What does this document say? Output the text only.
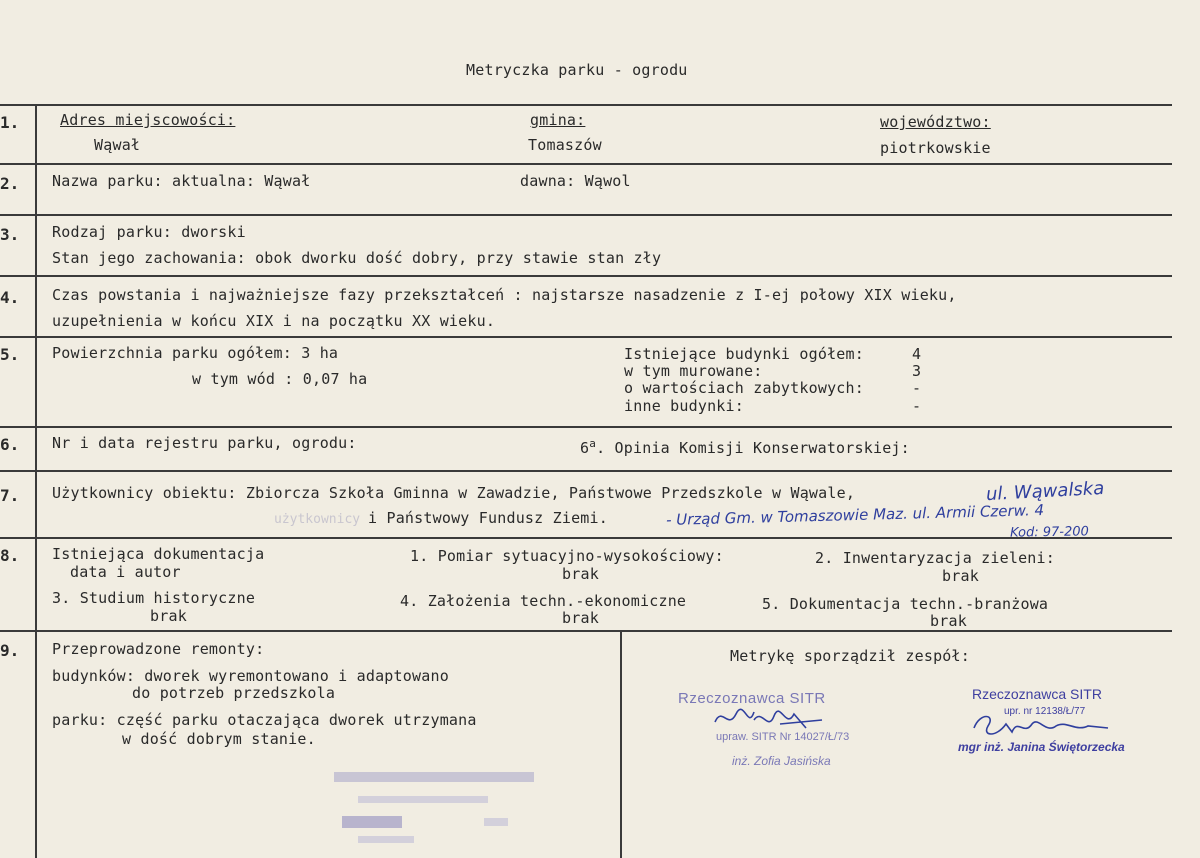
Metryczka parku - ogrodu
1.	Adres miejscowości:
Wąwał
gmina:
Tomaszów
województwo:
piotrkowskie
2. Nazwa parku: aktualna: Wąwał	dawna: Wąwol
3. Rodzaj parku: dworski
Stan jego zachowania: obok dworku dość dobry, przy stawie stan zły
4. Czas powstania i najważniejsze fazy przekształceń : najstarsze nasadzenie z I-ej połowy XIX wieku,
uzupełnienia w końcu XIX i na początku XX wieku.
5. Powierzchnia parku ogółem: 3 ha
w tym wód : 0,07 ha
Istniejące budynki ogółem:	4
w tym murowane:	3
o wartościach zabytkowych:	-
inne budynki:	-
6. Nr i data rejestru parku, ogrodu:	6$^a$. Opinia Komisji Konserwatorskiej:
7. Użytkownicy obiektu: Zbiorcza Szkoła Gminna w Zawadzie, Państwowe Przedszkole w Wąwale,
użytkownicy i Państwowy Fundusz Ziemi.
ul. Wąwalska
- Urząd Gm. w Tomaszowie Maz. ul. Armii Czerw. 4
Kod: 97-200
8. Istniejąca dokumentacja
data i autor
1. Pomiar sytuacyjno-wysokościowy:
brak
2. Inwentaryzacja zieleni:
brak
3. Studium historyczne
brak
4. Założenia techn.-ekonomiczne
brak
5. Dokumentacja techn.-branżowa
brak
9. Przeprowadzone remonty:
budynków: dworek wyremontowano i adaptowano
do potrzeb przedszkola
parku: część parku otaczająca dworek utrzymana
w dość dobrym stanie.
Metrykę sporządził zespół:
Rzeczoznawca SITR
upraw. SITR Nr 14027/Ł/73
inż. Zofia Jasińska
Rzeczoznawca SITR
upr. nr 12138/Ł/77
mgr inż. Janina Świętorzecka
